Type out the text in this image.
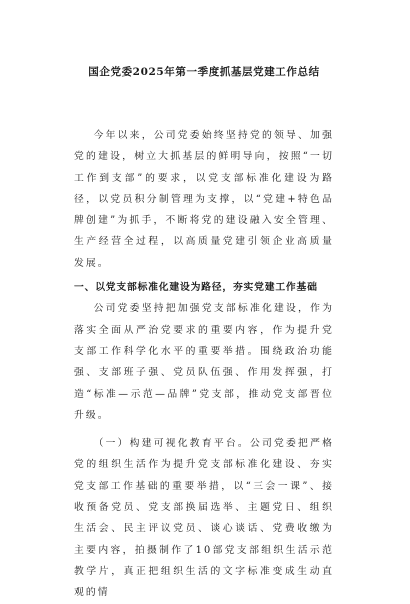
国企党委2025年第一季度抓基层党建工作总结

今年以来，公司党委始终坚持党的领导、加强党的建设，树立大抓基层的鲜明导向，按照“一切工作到支部”的要求，以党支部标准化建设为路径，以党员积分制管理为支撑，以“党建+特色品牌创建”为抓手，不断将党的建设融入安全管理、生产经营全过程，以高质量党建引领企业高质量发展。

一、以党支部标准化建设为路径，夯实党建工作基础

公司党委坚持把加强党支部标准化建设，作为落实全面从严治党要求的重要内容，作为提升党支部工作科学化水平的重要举措。围绕政治功能强、支部班子强、党员队伍强、作用发挥强，打造“标准—示范—品牌”党支部，推动党支部晋位升级。

（一）构建可视化教育平台。公司党委把严格党的组织生活作为提升党支部标准化建设、夯实党支部工作基础的重要举措，以“三会一课”、接收预备党员、党支部换届选举、主题党日、组织生活会、民主评议党员、谈心谈话、党费收缴为主要内容，拍摄制作了10部党支部组织生活示范教学片，真正把组织生活的文字标准变成生动直观的情
